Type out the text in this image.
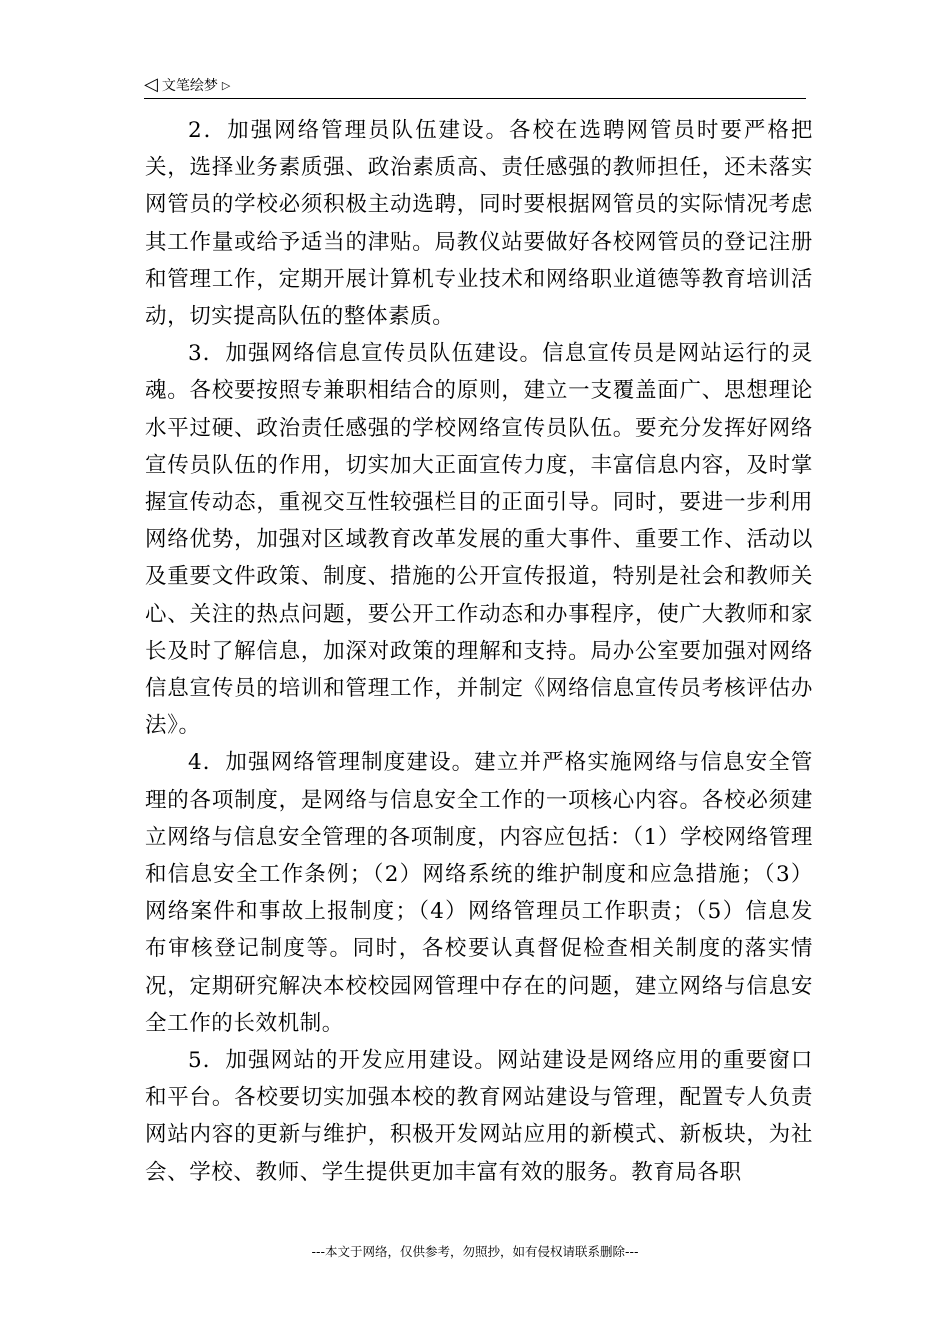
◁ 文笔绘梦 ▷

2．加强网络管理员队伍建设。各校在选聘网管员时要严格把关，选择业务素质强、政治素质高、责任感强的教师担任，还未落实网管员的学校必须积极主动选聘，同时要根据网管员的实际情况考虑其工作量或给予适当的津贴。局教仪站要做好各校网管员的登记注册和管理工作，定期开展计算机专业技术和网络职业道德等教育培训活动，切实提高队伍的整体素质。

3．加强网络信息宣传员队伍建设。信息宣传员是网站运行的灵魂。各校要按照专兼职相结合的原则，建立一支覆盖面广、思想理论水平过硬、政治责任感强的学校网络宣传员队伍。要充分发挥好网络宣传员队伍的作用，切实加大正面宣传力度，丰富信息内容，及时掌握宣传动态，重视交互性较强栏目的正面引导。同时，要进一步利用网络优势，加强对区域教育改革发展的重大事件、重要工作、活动以及重要文件政策、制度、措施的公开宣传报道，特别是社会和教师关心、关注的热点问题，要公开工作动态和办事程序，使广大教师和家长及时了解信息，加深对政策的理解和支持。局办公室要加强对网络信息宣传员的培训和管理工作，并制定《网络信息宣传员考核评估办法》。

4．加强网络管理制度建设。建立并严格实施网络与信息安全管理的各项制度，是网络与信息安全工作的一项核心内容。各校必须建立网络与信息安全管理的各项制度，内容应包括：（1）学校网络管理和信息安全工作条例；（2）网络系统的维护制度和应急措施；（3）网络案件和事故上报制度；（4）网络管理员工作职责；（5）信息发布审核登记制度等。同时，各校要认真督促检查相关制度的落实情况，定期研究解决本校校园网管理中存在的问题，建立网络与信息安全工作的长效机制。

5．加强网站的开发应用建设。网站建设是网络应用的重要窗口和平台。各校要切实加强本校的教育网站建设与管理，配置专人负责网站内容的更新与维护，积极开发网站应用的新模式、新板块，为社会、学校、教师、学生提供更加丰富有效的服务。教育局各职

---本文于网络，仅供参考，勿照抄，如有侵权请联系删除---
